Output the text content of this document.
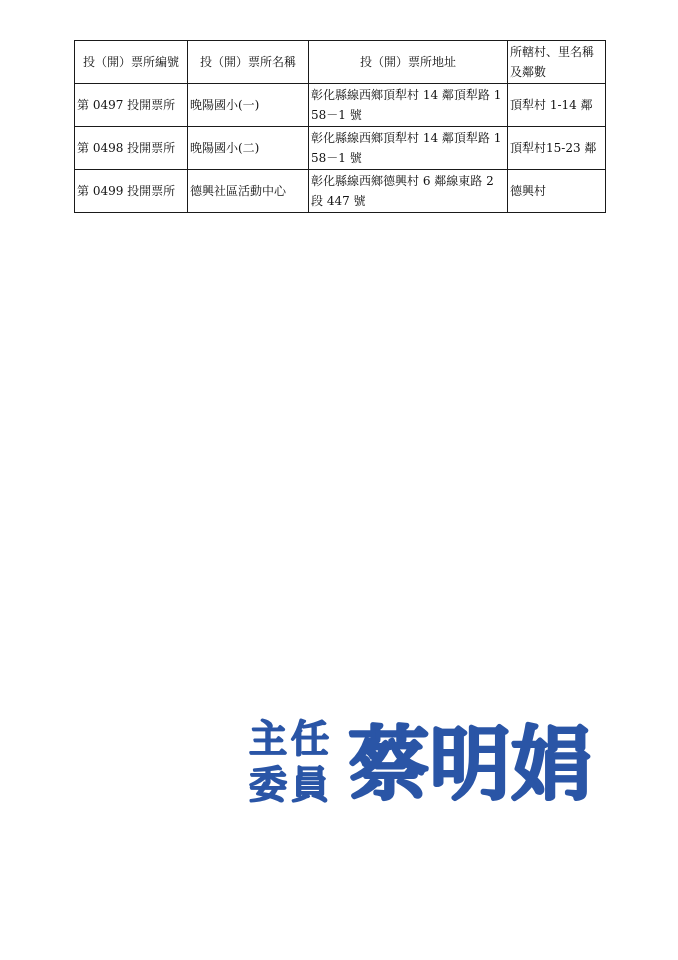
投（開）票所編號	投（開）票所名稱	投（開）票所地址	所轄村、里名稱及鄰數
第 0497 投開票所	晚陽國小(一)	彰化縣線西鄉頂犁村 14 鄰頂犁路 158－1 號	頂犁村 1-14 鄰
第 0498 投開票所	晚陽國小(二)	彰化縣線西鄉頂犁村 14 鄰頂犁路 158－1 號	頂犁村15-23 鄰
第 0499 投開票所	德興社區活動中心	彰化縣線西鄉德興村 6 鄰線東路 2 段 447 號	德興村
主 任
委 員 蔡明娟
